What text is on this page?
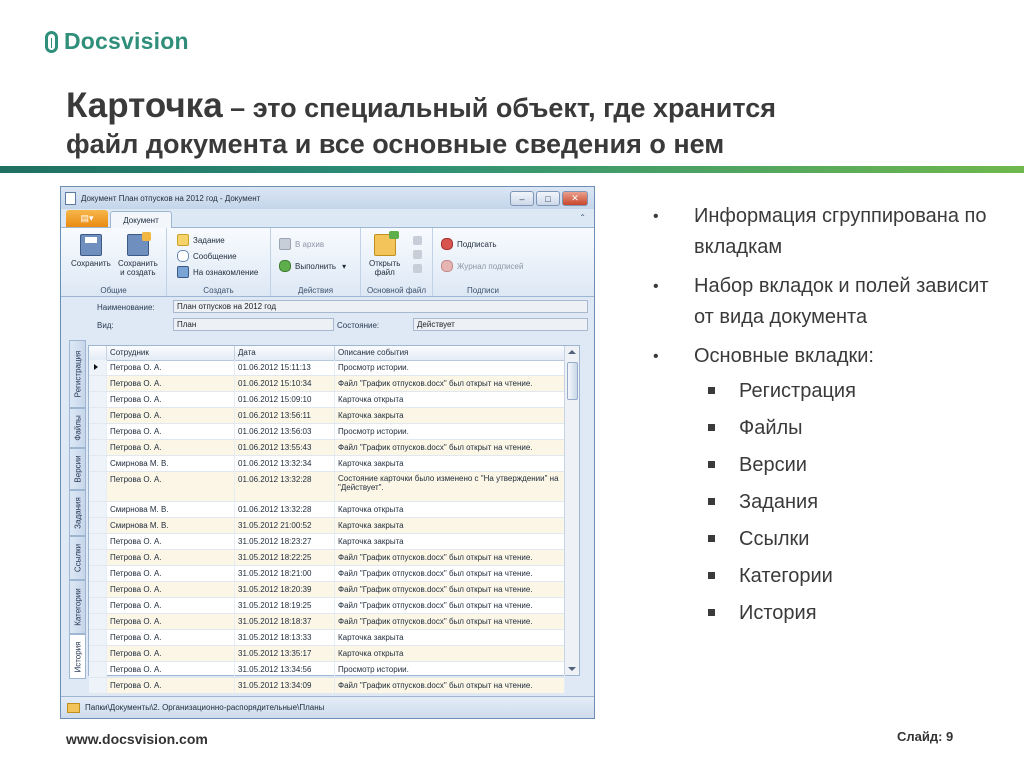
Docsvision
Карточка – это специальный объект, где хранится
файл документа и все основные сведения о нем
Документ План отпусков на 2012 год - Документ	–	□	✕
▤▾	Документ	⌃
Сохранить Сохранить
и создать
Общие
Задание
Сообщение
На ознакомление
Создать
В архив
Выполнить ▾
Действия
Открыть
файл
Основной файл
Подписать
Журнал подписей
Подписи
Наименование:	План отпусков на 2012 год
Вид:	План	Состояние:	Действует
Регистрация
Файлы
Версии
Задания
Ссылки
Категории
История
Сотрудник	Дата	Описание события
Петрова О. А.	01.06.2012 15:11:13	Просмотр истории.
Петрова О. А.	01.06.2012 15:10:34	Файл "График отпусков.docx" был открыт на чтение.
Петрова О. А.	01.06.2012 15:09:10	Карточка открыта
Петрова О. А.	01.06.2012 13:56:11	Карточка закрыта
Петрова О. А.	01.06.2012 13:56:03	Просмотр истории.
Петрова О. А.	01.06.2012 13:55:43	Файл "График отпусков.docx" был открыт на чтение.
Смирнова М. В.	01.06.2012 13:32:34	Карточка закрыта
Петрова О. А.	01.06.2012 13:32:28	Состояние карточки было изменено с "На утверждении" на "Действует".
Смирнова М. В.	01.06.2012 13:32:28	Карточка открыта
Смирнова М. В.	31.05.2012 21:00:52	Карточка закрыта
Петрова О. А.	31.05.2012 18:23:27	Карточка закрыта
Петрова О. А.	31.05.2012 18:22:25	Файл "График отпусков.docx" был открыт на чтение.
Петрова О. А.	31.05.2012 18:21:00	Файл "График отпусков.docx" был открыт на чтение.
Петрова О. А.	31.05.2012 18:20:39	Файл "График отпусков.docx" был открыт на чтение.
Петрова О. А.	31.05.2012 18:19:25	Файл "График отпусков.docx" был открыт на чтение.
Петрова О. А.	31.05.2012 18:18:37	Файл "График отпусков.docx" был открыт на чтение.
Петрова О. А.	31.05.2012 18:13:33	Карточка закрыта
Петрова О. А.	31.05.2012 13:35:17	Карточка открыта
Петрова О. А.	31.05.2012 13:34:56	Просмотр истории.
Петрова О. А.	31.05.2012 13:34:09	Файл "График отпусков.docx" был открыт на чтение.
Папки\Документы\2. Организационно-распорядительные\Планы
• Информация сгруппирована по вкладкам
• Набор вкладок и полей зависит от вида документа
• Основные вкладки:
Регистрация
Файлы
Версии
Задания
Ссылки
Категории
История
www.docsvision.com	Слайд: 9
